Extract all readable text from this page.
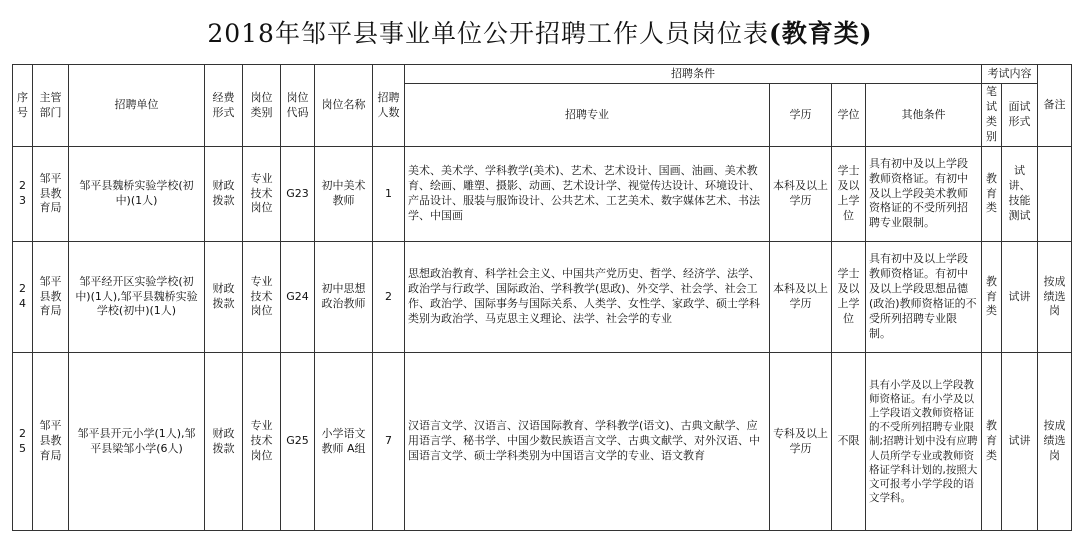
2018年邹平县事业单位公开招聘工作人员岗位表(教育类)
序号	主管部门	招聘单位	经费形式	岗位类别	岗位代码	岗位名称	招聘人数	招聘条件				考试内容		备注
								招聘专业	学历	学位	其他条件	笔试类别	面试形式	
23	邹平县教育局	邹平县魏桥实验学校(初中)(1人)	财政拨款	专业技术岗位	G23	初中美术教师	1	美术、美术学、学科教学(美术)、艺术、艺术设计、国画、油画、美术教育、绘画、雕塑、摄影、动画、艺术设计学、视觉传达设计、环境设计、产品设计、服装与服饰设计、公共艺术、工艺美术、数字媒体艺术、书法学、中国画	本科及以上学历	学士及以上学位	具有初中及以上学段教师资格证。有初中及以上学段美术教师资格证的不受所列招聘专业限制。	教育类	试讲、技能测试	
24	邹平县教育局	邹平经开区实验学校(初中)(1人),邹平县魏桥实验学校(初中)(1人)	财政拨款	专业技术岗位	G24	初中思想政治教师	2	思想政治教育、科学社会主义、中国共产党历史、哲学、经济学、法学、政治学与行政学、国际政治、学科教学(思政)、外交学、社会学、社会工作、政治学、国际事务与国际关系、人类学、女性学、家政学、硕士学科类别为政治学、马克思主义理论、法学、社会学的专业	本科及以上学历	学士及以上学位	具有初中及以上学段教师资格证。有初中及以上学段思想品德(政治)教师资格证的不受所列招聘专业限制。	教育类	试讲	按成绩选岗
25	邹平县教育局	邹平县开元小学(1人),邹平县梁邹小学(6人)	财政拨款	专业技术岗位	G25	小学语文教师 A组	7	汉语言文学、汉语言、汉语国际教育、学科教学(语文)、古典文献学、应用语言学、秘书学、中国少数民族语言文学、古典文献学、对外汉语、中国语言文学、硕士学科类别为中国语言文学的专业、语文教育	专科及以上学历	不限	具有小学及以上学段教师资格证。有小学及以上学段语文教师资格证的不受所列招聘专业限制;招聘计划中没有应聘人员所学专业或教师资格证学科计划的,按照大文可报考小学学段的语文学科。	教育类	试讲	按成绩选岗
